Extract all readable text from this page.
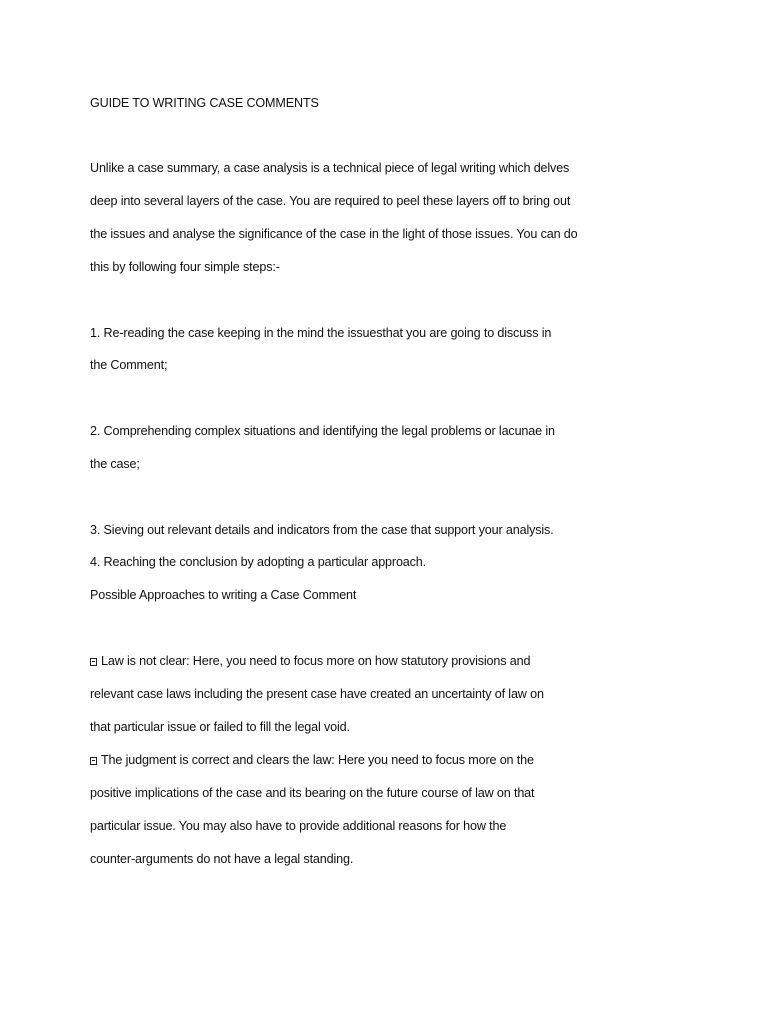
GUIDE TO WRITING CASE COMMENTS
Unlike a case summary, a case analysis is a technical piece of legal writing which delves
deep into several layers of the case. You are required to peel these layers off to bring out
the issues and analyse the significance of the case in the light of those issues. You can do
this by following four simple steps:-
1. Re-reading the case keeping in the mind the issuesthat you are going to discuss in
the Comment;
2. Comprehending complex situations and identifying the legal problems or lacunae in
the case;
3. Sieving out relevant details and indicators from the case that support your analysis.
4. Reaching the conclusion by adopting a particular approach.
Possible Approaches to writing a Case Comment
Law is not clear: Here, you need to focus more on how statutory provisions and
relevant case laws including the present case have created an uncertainty of law on
that particular issue or failed to fill the legal void.
The judgment is correct and clears the law: Here you need to focus more on the
positive implications of the case and its bearing on the future course of law on that
particular issue. You may also have to provide additional reasons for how the
counter-arguments do not have a legal standing.
